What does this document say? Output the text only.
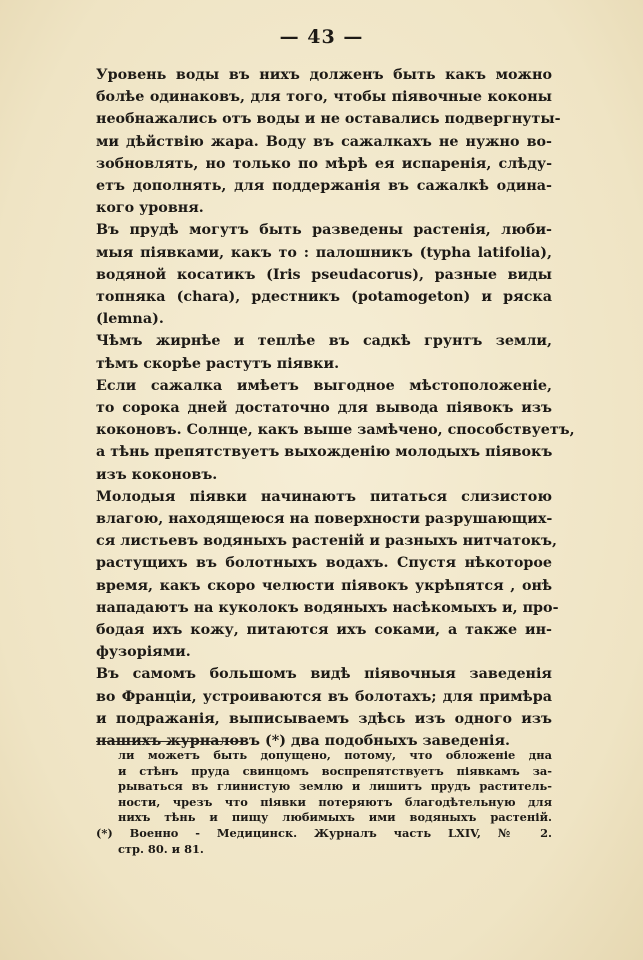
— 43 —

Уровень воды въ нихъ долженъ быть какъ можно
болѣе одинаковъ, для того, чтобы піявочные коконы
необнажались отъ воды и не оставались подвергнуты-
ми дѣйствію жара. Воду въ сажалкахъ не нужно во-
зобновлять, но только по мѣрѣ ея испаренія, слѣду-
етъ дополнять, для поддержанія въ сажалкѣ одина-
кого уровня.

Въ прудѣ могутъ быть разведены растенія, люби-
мыя піявками, какъ то : палошникъ (typha latifolia),
водяной косатикъ (Iris pseudacorus), разные виды
топняка (chara), рдестникъ (potamogeton) и ряска
(lemna).

Чѣмъ жирнѣе и теплѣе въ садкѣ грунтъ земли,
тѣмъ скорѣе растутъ піявки.

Если сажалка имѣетъ выгодное мѣстоположеніе,
то сорока дней достаточно для вывода піявокъ изъ
коконовъ. Солнце, какъ выше замѣчено, способствуетъ,
а тѣнь препятствуетъ выхожденію молодыхъ піявокъ
изъ коконовъ.

Молодыя піявки начинаютъ питаться слизистою
влагою, находящеюся на поверхности разрушающих-
ся листьевъ водяныхъ растеній и разныхъ нитчатокъ,
растущихъ въ болотныхъ водахъ. Спустя нѣкоторое
время, какъ скоро челюсти піявокъ укрѣпятся , онѣ
нападаютъ на куколокъ водяныхъ насѣкомыхъ и, про-
бодая ихъ кожу, питаются ихъ соками, а также ин-
фузоріями.

Въ самомъ большомъ видѣ піявочныя заведенія
во Франціи, устроиваются въ болотахъ; для примѣра
и подражанія, выписываемъ здѣсь изъ одного изъ
нашихъ журналовъ (*) два подобныхъ заведенія.

ли можетъ быть допущено, потому, что обложеніе дна
и стѣнъ пруда свинцомъ воспрепятствуетъ піявкамъ за-
рываться въ глинистую землю и лишитъ прудъ раститель-
ности, чрезъ что піявки потеряютъ благодѣтельную для
нихъ тѣнь и пищу любимыхъ ими водяныхъ растеній.

(*) Военно - Медицинск. Журналъ часть LXIV, № 2.
стр. 80. и 81.
